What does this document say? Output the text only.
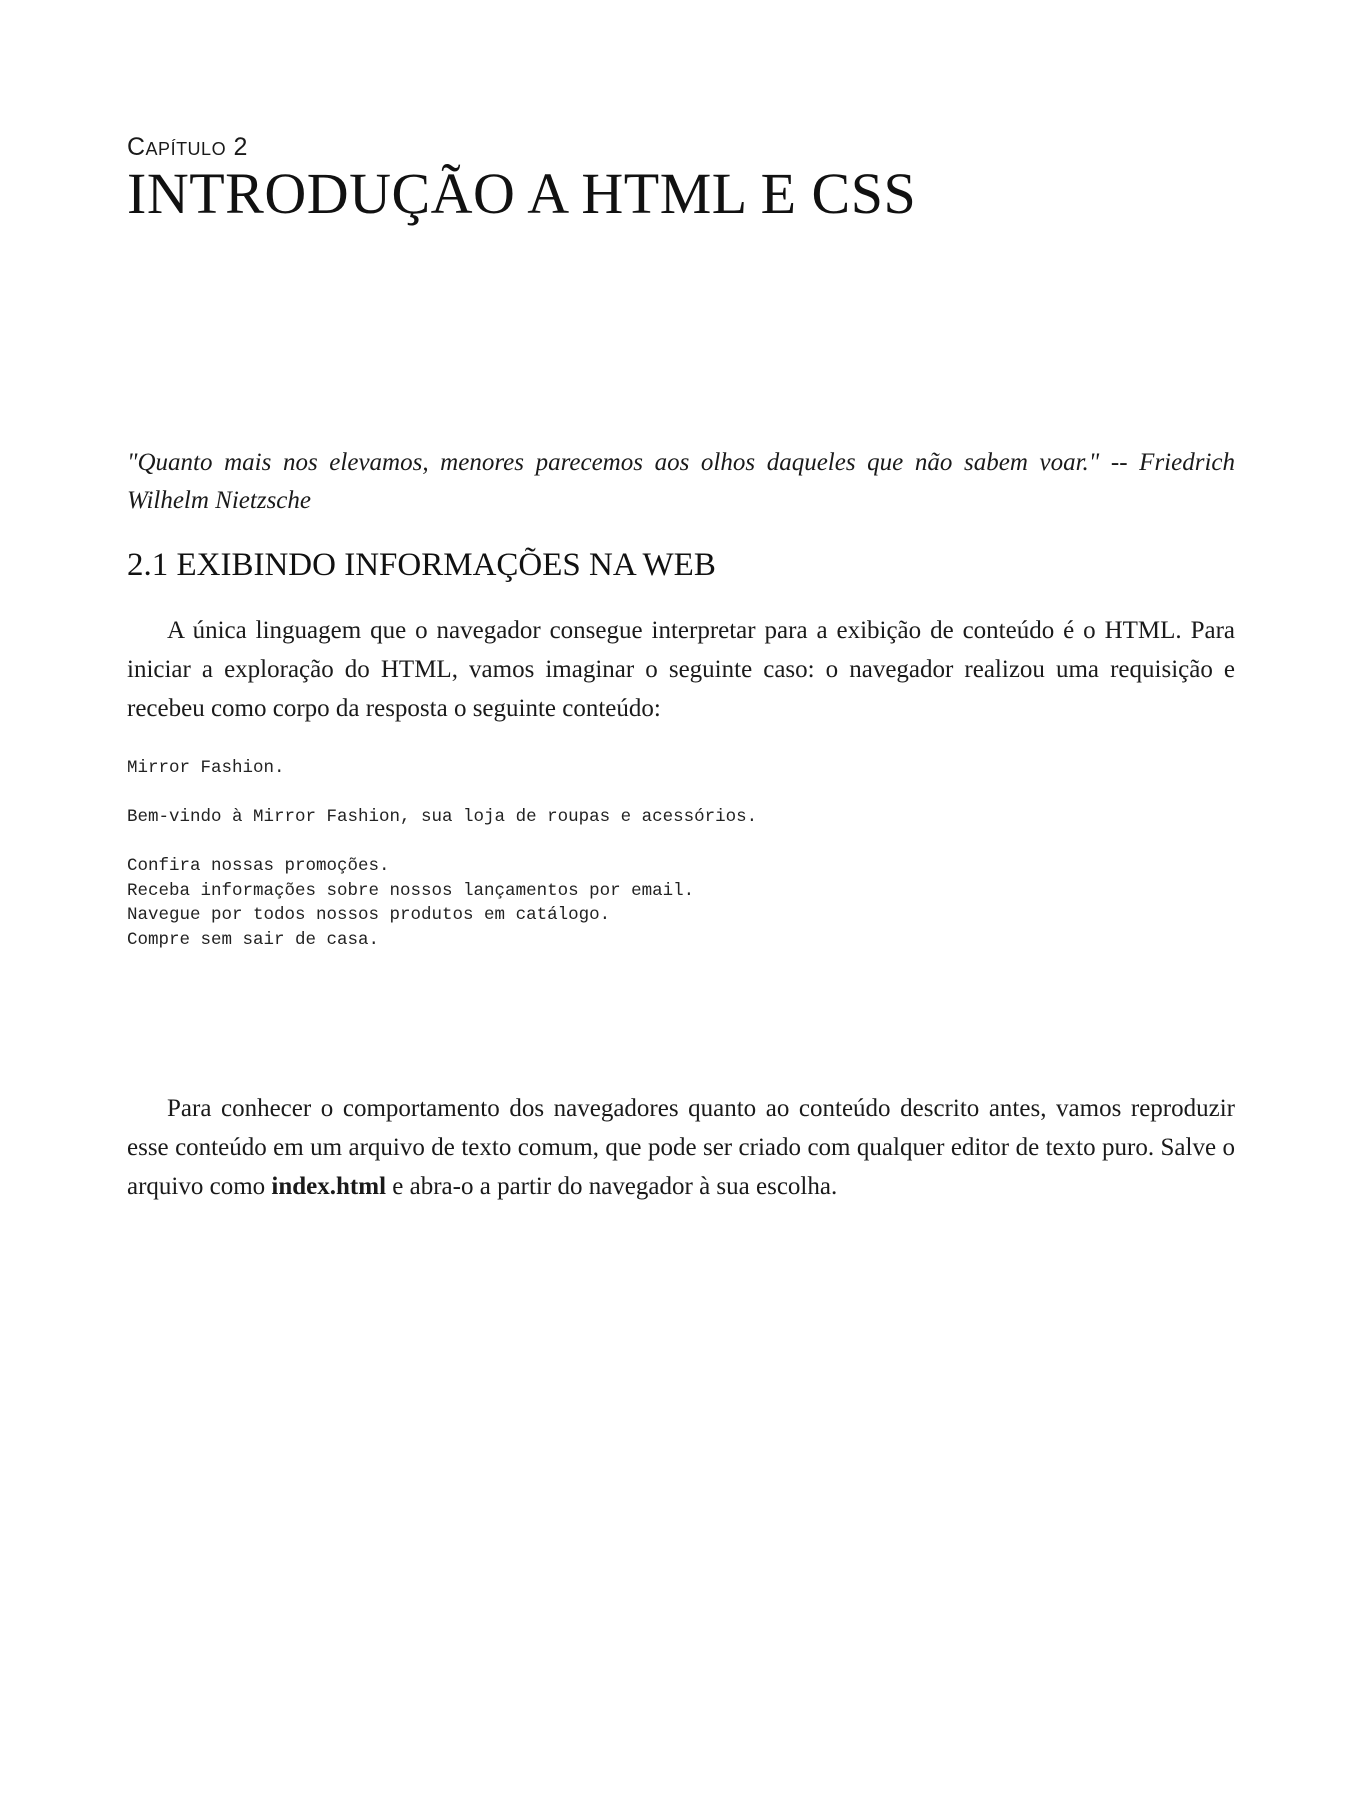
Capítulo 2
INTRODUÇÃO A HTML E CSS

"Quanto mais nos elevamos, menores parecemos aos olhos daqueles que não sabem voar." -- Friedrich Wilhelm Nietzsche

2.1 EXIBINDO INFORMAÇÕES NA WEB

A única linguagem que o navegador consegue interpretar para a exibição de conteúdo é o HTML. Para iniciar a exploração do HTML, vamos imaginar o seguinte caso: o navegador realizou uma requisição e recebeu como corpo da resposta o seguinte conteúdo:

Mirror Fashion.
Bem-vindo à Mirror Fashion, sua loja de roupas e acessórios.
Confira nossas promoções.
Receba informações sobre nossos lançamentos por email.
Navegue por todos nossos produtos em catálogo.
Compre sem sair de casa.

Para conhecer o comportamento dos navegadores quanto ao conteúdo descrito antes, vamos reproduzir esse conteúdo em um arquivo de texto comum, que pode ser criado com qualquer editor de texto puro. Salve o arquivo como index.html e abra-o a partir do navegador à sua escolha.
